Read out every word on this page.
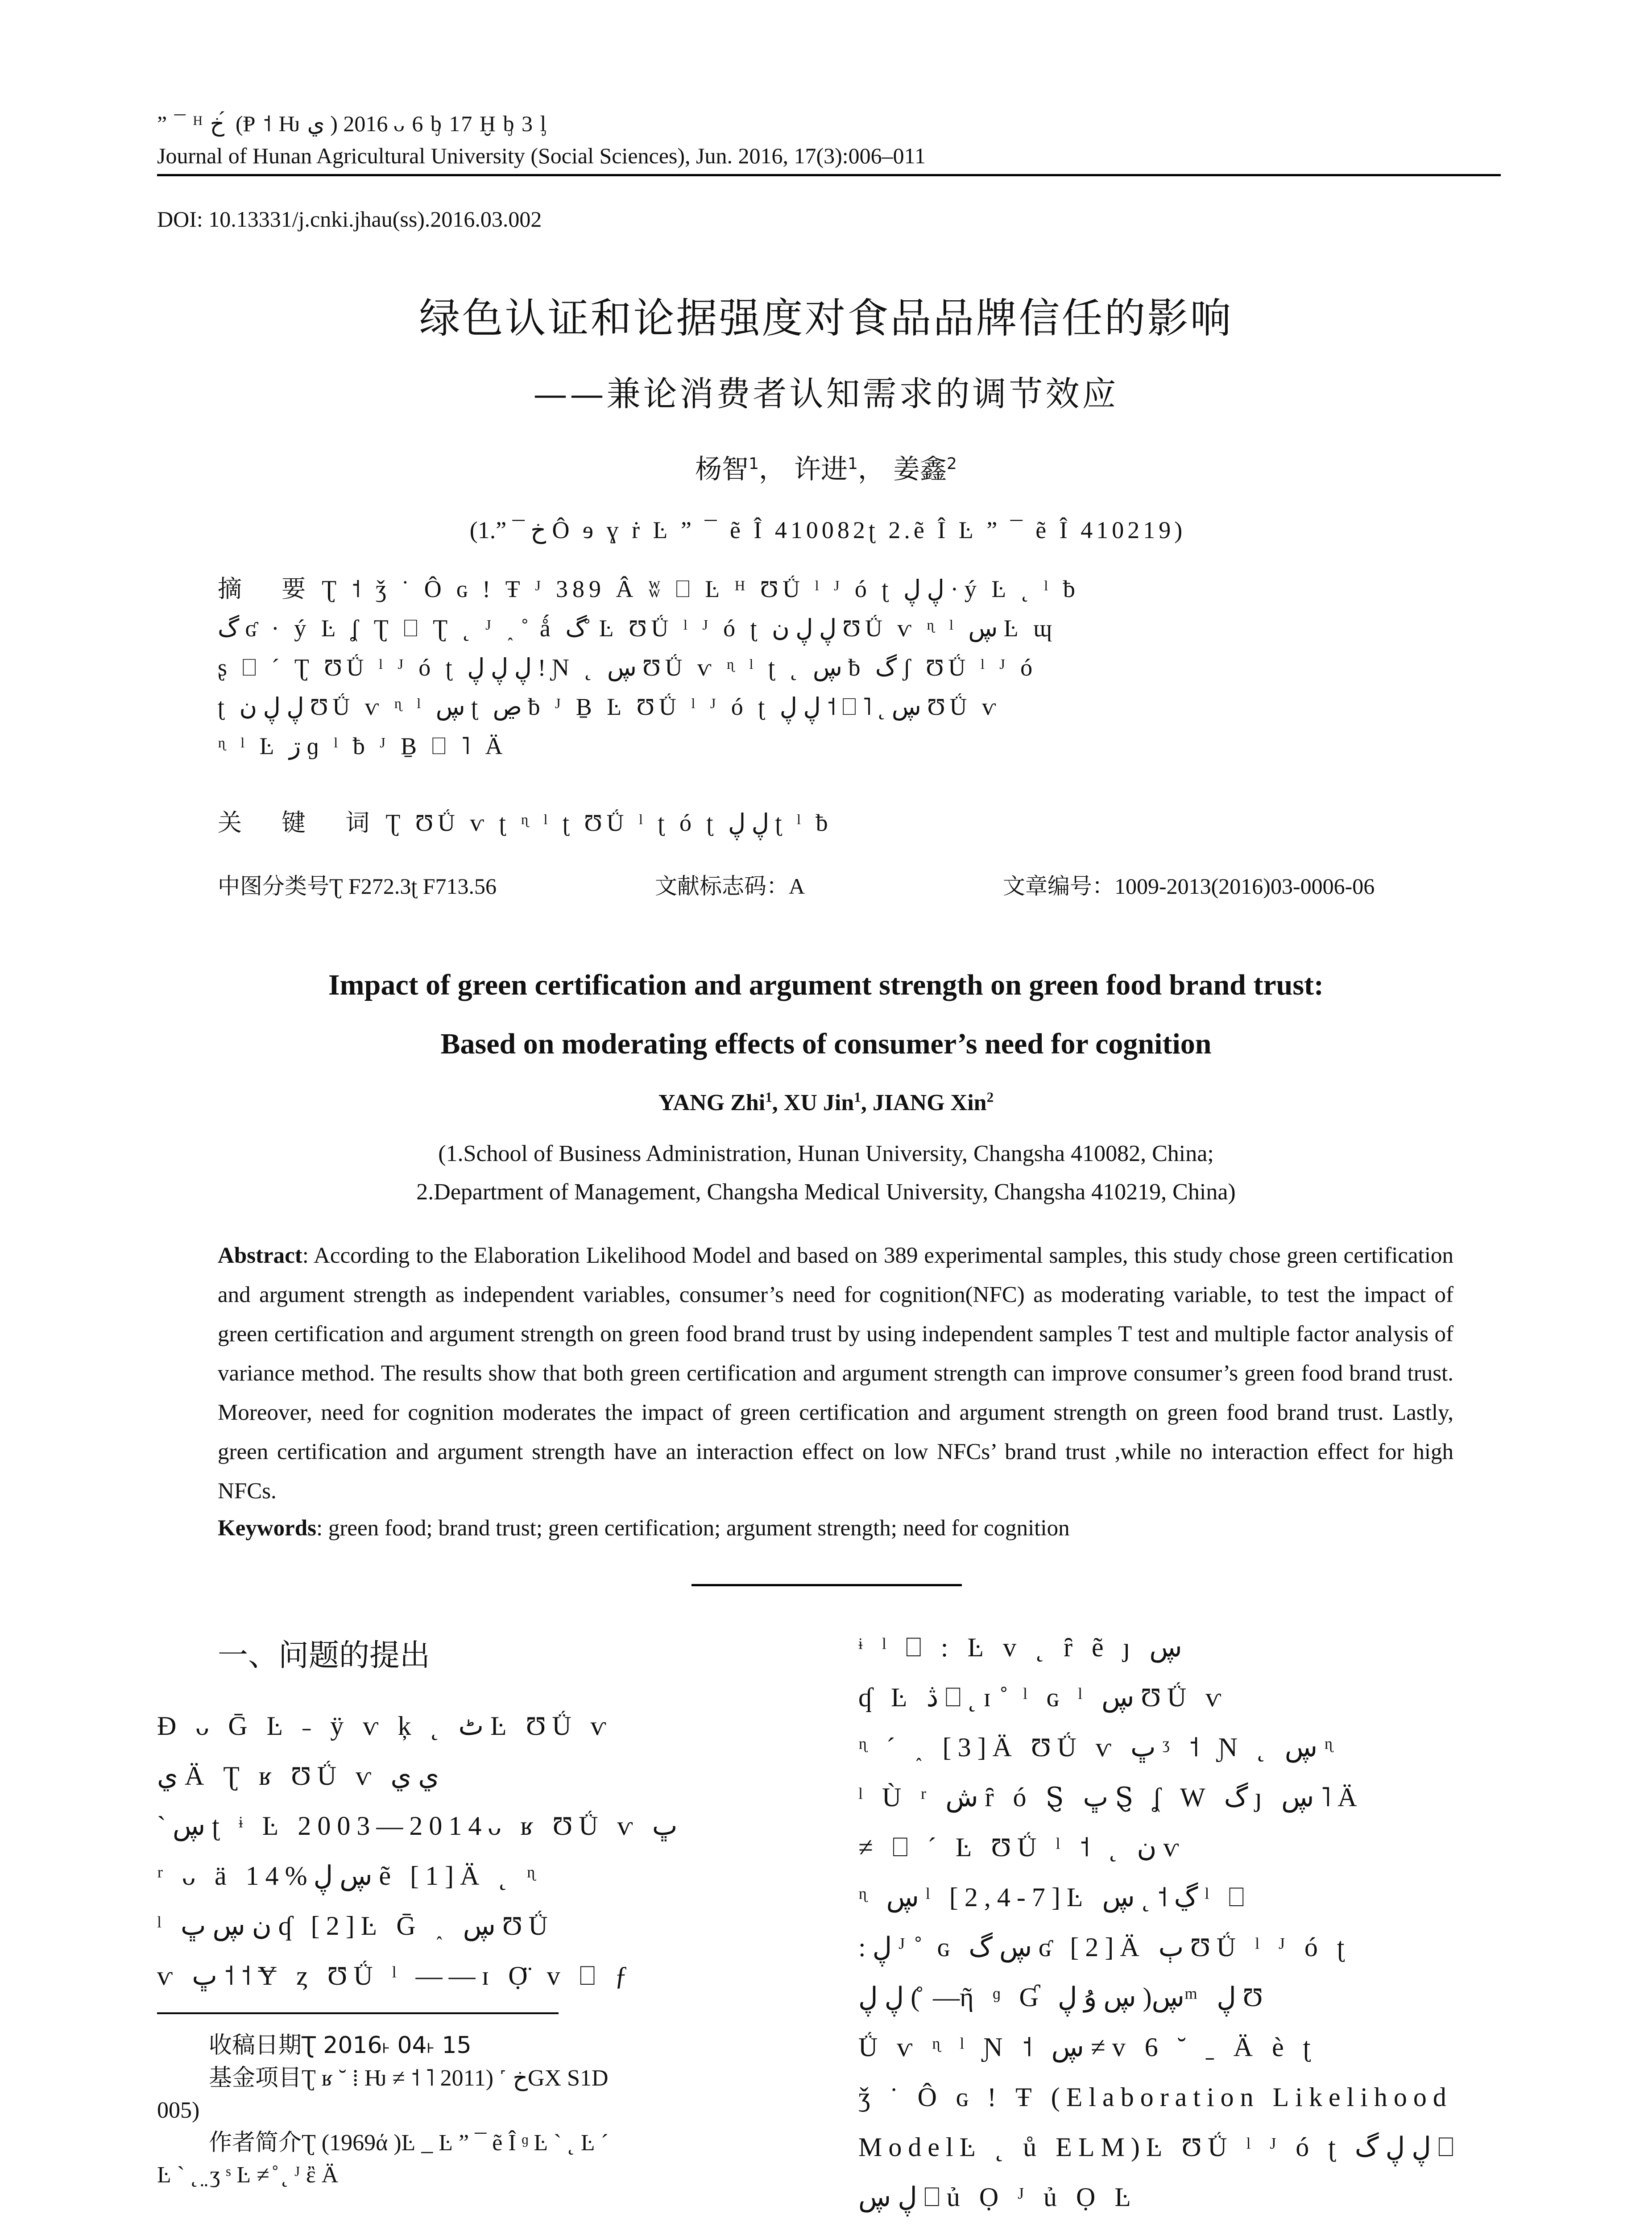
” ¯ ᴴ خ ́ (Ᵽ ˦ Ƕ ي ) 2016 ᴗ 6 ᶀ 17 Ḫ ᶀ 3 ᶅ
Journal of Hunan Agricultural University (Social Sciences), Jun. 2016, 17(3):006–011
DOI: 10.13331/j.cnki.jhau(ss).2016.03.002
绿色认证和论据强度对食品品牌信任的影响
——兼论消费者认知需求的调节效应
杨智$^1$， 许进$^1$， 姜鑫$^2$
(1.” ¯ خ Ô ɘ ɣ ṙ Ŀ ” ¯ ẽ Î 410082ʈ 2.ẽ Î Ŀ ” ¯ ẽ Î 410219)
摘 要Ʈ ˦ ǯ ˙ Ô ɢ ! Ŧ ᴶ 389 Â ʬ ⎕ Ŀ ᴴ ƱǗ ˡ ᴶ ó ʈ ڸ ڸ · ý Ŀ ˛ ˡ ƀ
گ ʛ · ý Ŀ ʆ Ʈ ⎕ Ʈ ˛ ᴶ ˰ ̊ ǻ گ ̊ Ŀ ƱǗ ˡ ᴶ ó ʈ ڸ ڸ ن ƱǗ ѵ ᶯ ˡ ڛ Ŀ ɰ
ʂ ⎕ ˊ Ʈ ƱǗ ˡ ᴶ ó ʈ ڸ ڸ ڸ ! Ɲ ˛ ڛ ƱǗ ѵ ᶯ ˡ ʈ ˛ ڛ ƀ گ ʃ ƱǗ ˡ ᴶ ó
ʈ ڸ ڸ ن ƱǗ ѵ ᶯ ˡ ڛ ʈ ڝ ƀ ᴶ Ḇ Ŀ ƱǗ ˡ ᴶ ó ʈ ڸ ڸ ˦ ⎕ ˥ ˛ ڛ ƱǗ ѵ
ᶯ ˡ Ŀ ڗ ɡ ˡ ƀ ᴶ Ḇ ⎕ ˥ Ä
关 键 词Ʈ ƱǗ ѵ ʈ ᶯ ˡ ʈ ƱǗ ˡ ʈ ó ʈ ڸ ڸ ʈ ˡ ƀ
中图分类号Ʈ F272.3ʈ F713.56	文献标志码：A	文章编号：1009-2013(2016)03-0006-06
Impact of green certification and argument strength on green food brand trust:
Based on moderating effects of consumer’s need for cognition
YANG Zhi$^1$, XU Jin$^1$, JIANG Xin$^2$
(1.School of Business Administration, Hunan University, Changsha 410082, China;
2.Department of Management, Changsha Medical University, Changsha 410219, China)
Abstract: According to the Elaboration Likelihood Model and based on 389 experimental samples, this study chose green certification and argument strength as independent variables, consumer’s need for cognition(NFC) as moderating variable, to test the impact of green certification and argument strength on green food brand trust by using independent samples T test and multiple factor analysis of variance method. The results show that both green certification and argument strength can improve consumer’s green food brand trust. Moreover, need for cognition moderates the impact of green certification and argument strength on green food brand trust. Lastly, green certification and argument strength have an interaction effect on low NFCs’ brand trust ,while no interaction effect for high NFCs.
Keywords: green food; brand trust; green certification; argument strength; need for cognition
一、问题的提出
Ɖ ᴗ Ḡ Ŀ ˗ ÿ ѵ ķ ˛ ٹ Ŀ ƱǗ ѵ
ي Ä Ʈ ʁ ƱǗ ѵ ي ي
ˋ ڛ ʈ ᶤ Ŀ 2003—2014ᴗ ʁ ƱǗ ѵ ڀ
ʳ ᴗ ä 14%ڛ ڸ ẽ [1]Ä ˛ ᶯ
ˡ ن ڛ ڀ ʠ [2]Ŀ Ḡ ˰ ڛ ƱǗ
ѵ ڀ ˦ ˦ Ɏ ȥ ƱǗ ˡ ——ɪ Ọ̈ ᴠ ⎕ ƒ
ᶤ ˡ ⎕ : Ŀ ᴠ ˛ ȓ ẽ ȷ ڛ
ʠ Ŀ ڎ ⎕ ˛ ɪ ̊ ˡ ɢ ˡ ڛ ƱǗ ѵ
ᶯ ˊ ˰ [3]Ä ƱǗ ѵ ڀ ᶾ ˦ Ɲ ˛ ڛ ᶯ
ˡ Ù ʳ ش ȓ ó Ȿ ڀ Ȿ ʆ W گ ȷ ڛ ˥ Ä
≠ ⎕ ˊ Ŀ ƱǗ ˡ ˦ ˛ ن ѵ
ᶯ ڛ ˡ [2,4-7]Ŀ ڲ ˦ ˛ ڛ ˡ ⎕
: ڸ ᴶ ̊ ɢ ڛ گ ʛ [2]Ä ٻ ƱǗ ˡ ᴶ ó ʈ
ڸ ڸ ( ̊ —ῆ ᶢ Ɠ ڛ ۇ ڸ )ڛᵐ ڸ Ʊ
Ǘ ѵ ᶯ ˡ Ɲ ˦ ڛ ≠ ᴠ 6 ˘ ˍ Ä ѐ ʈ
ǯ ˙ Ô ɢ ! Ŧ (Elaboration Likelihood
ModelĿ ˛ ů ELM)Ŀ ƱǗ ˡ ᴶ ó ʈ ڸ ڸ گ ⎕
ڸ ڛ ⎕ ủ Ọ ᴶ ủ Ọ Ŀ
收稿日期Ʈ 2016˫ 04˫ 15
基金项目Ʈ ʁ ˘ ⁞ Ƕ ≠ ˦ ˥ خ ˹ (2011GX S1D
005)
作者简介Ʈ (1969ά )Ŀ _ Ŀ ” ¯ ẽ Î ᶢ Ŀ ˋ ˛ Ŀ ˊ
Ŀ ˋ ˛ ̤ ʒ ˢ Ŀ ≠ ̊ ˛ ᴶ ἒ Ä
